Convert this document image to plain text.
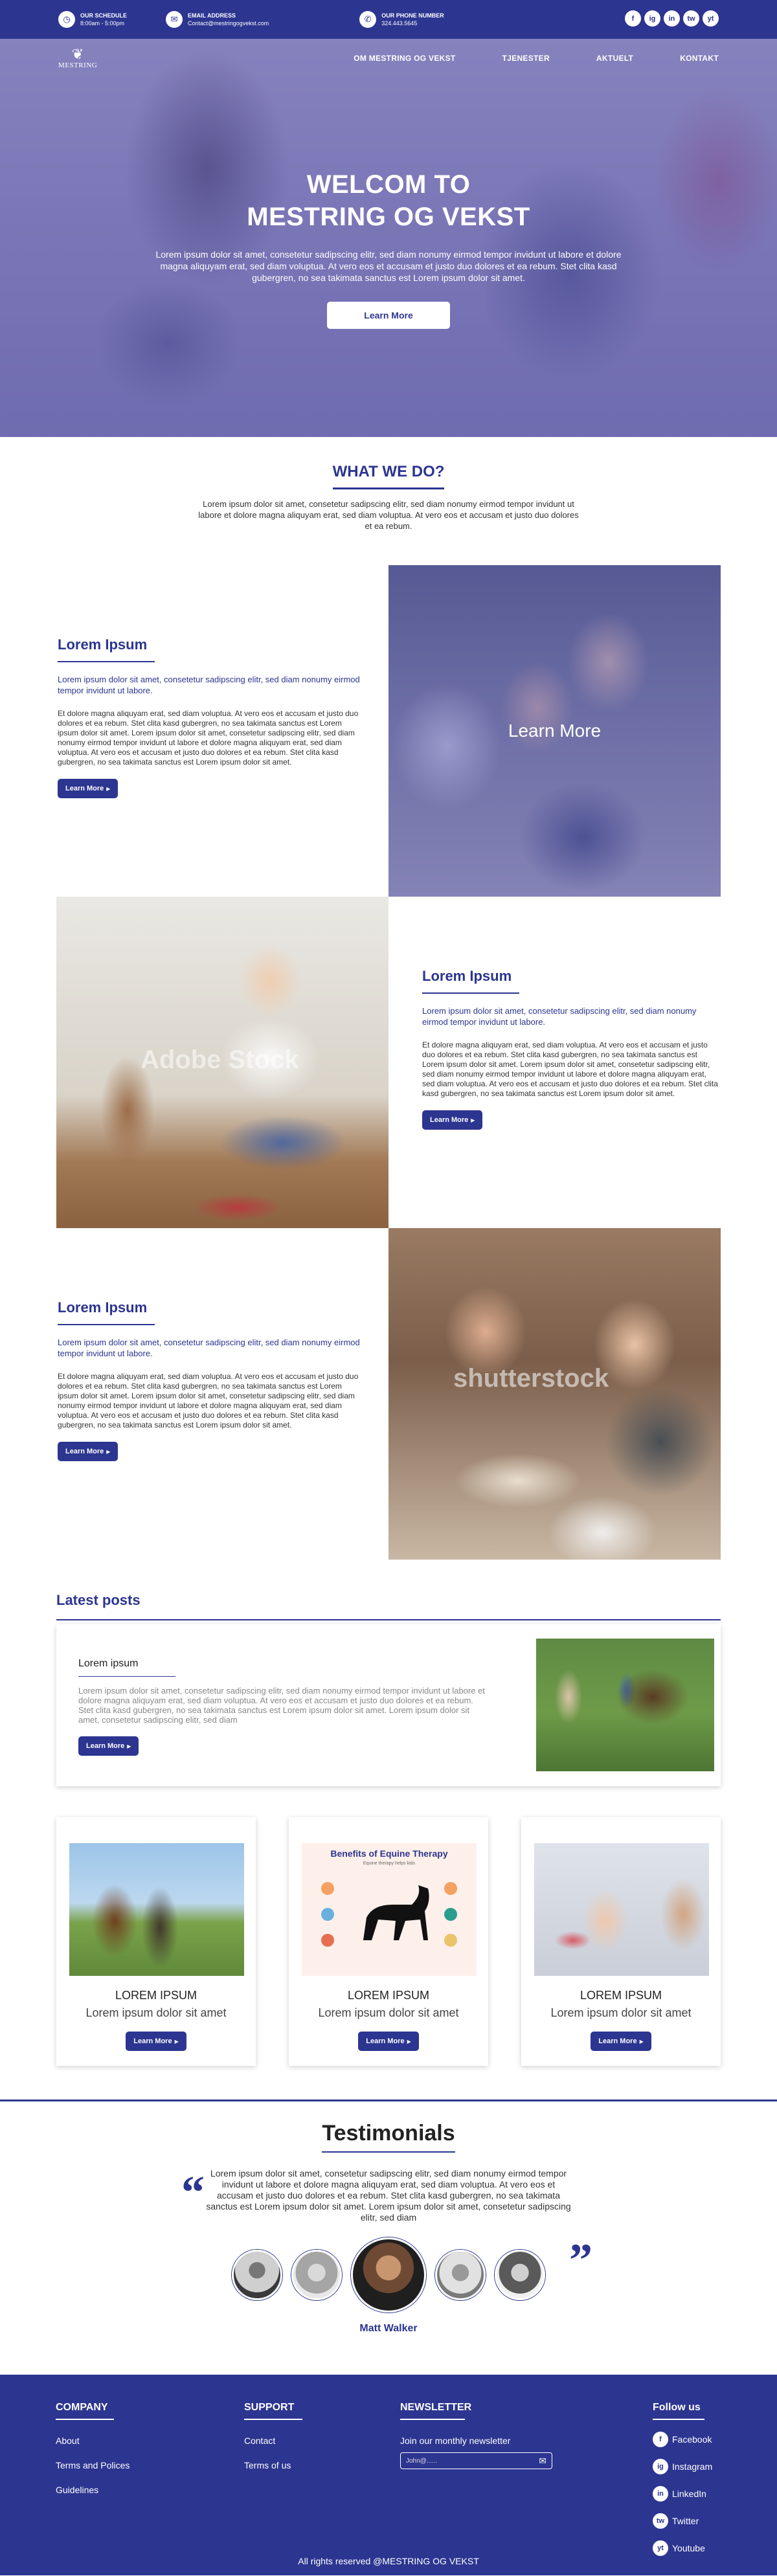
◷	OUR SCHEDULE
8:00am - 5:00pm	✉	EMAIL ADDRESS
Contact@mestringogvekst.com	✆	OUR PHONE NUMBER
324.443.5645
f	ig	in	tw	yt
❦
MESTRING
OM MESTRING OG VEKST	TJENESTER	AKTUELT	KONTAKT
WELCOM TO
MESTRING OG VEKST
Lorem ipsum dolor sit amet, consetetur sadipscing elitr, sed diam nonumy eirmod tempor invidunt ut labore et dolore magna aliquyam erat, sed diam voluptua. At vero eos et accusam et justo duo dolores et ea rebum. Stet clita kasd gubergren, no sea takimata sanctus est Lorem ipsum dolor sit amet.
Learn More
WHAT WE DO?

Lorem ipsum dolor sit amet, consetetur sadipscing elitr, sed diam nonumy eirmod tempor invidunt ut labore et dolore magna aliquyam erat, sed diam voluptua. At vero eos et accusam et justo duo dolores et ea rebum.

Lorem Ipsum
Lorem ipsum dolor sit amet, consetetur sadipscing elitr, sed diam nonumy eirmod tempor invidunt ut labore.
Et dolore magna aliquyam erat, sed diam voluptua. At vero eos et accusam et justo duo dolores et ea rebum. Stet clita kasd gubergren, no sea takimata sanctus est Lorem ipsum dolor sit amet. Lorem ipsum dolor sit amet, consetetur sadipscing elitr, sed diam nonumy eirmod tempor invidunt ut labore et dolore magna aliquyam erat, sed diam voluptua. At vero eos et accusam et justo duo dolores et ea rebum. Stet clita kasd gubergren, no sea takimata sanctus est Lorem ipsum dolor sit amet.
Learn More ▶
Learn More
Adobe Stock
Lorem Ipsum
Lorem ipsum dolor sit amet, consetetur sadipscing elitr, sed diam nonumy eirmod tempor invidunt ut labore.
Et dolore magna aliquyam erat, sed diam voluptua. At vero eos et accusam et justo duo dolores et ea rebum. Stet clita kasd gubergren, no sea takimata sanctus est Lorem ipsum dolor sit amet. Lorem ipsum dolor sit amet, consetetur sadipscing elitr, sed diam nonumy eirmod tempor invidunt ut labore et dolore magna aliquyam erat, sed diam voluptua. At vero eos et accusam et justo duo dolores et ea rebum. Stet clita kasd gubergren, no sea takimata sanctus est Lorem ipsum dolor sit amet.
Learn More ▶
Lorem Ipsum
Lorem ipsum dolor sit amet, consetetur sadipscing elitr, sed diam nonumy eirmod tempor invidunt ut labore.
Et dolore magna aliquyam erat, sed diam voluptua. At vero eos et accusam et justo duo dolores et ea rebum. Stet clita kasd gubergren, no sea takimata sanctus est Lorem ipsum dolor sit amet. Lorem ipsum dolor sit amet, consetetur sadipscing elitr, sed diam nonumy eirmod tempor invidunt ut labore et dolore magna aliquyam erat, sed diam voluptua. At vero eos et accusam et justo duo dolores et ea rebum. Stet clita kasd gubergren, no sea takimata sanctus est Lorem ipsum dolor sit amet.
Learn More ▶
shutterstock
Latest posts
Lorem ipsum
Lorem ipsum dolor sit amet, consetetur sadipscing elitr, sed diam nonumy eirmod tempor invidunt ut labore et dolore magna aliquyam erat, sed diam voluptua. At vero eos et accusam et justo duo dolores et ea rebum. Stet clita kasd gubergren, no sea takimata sanctus est Lorem ipsum dolor sit amet. Lorem ipsum dolor sit amet, consetetur sadipscing elitr, sed diam
Learn More ▶
LOREM IPSUM
Lorem ipsum dolor sit amet
Learn More ▶
Benefits of Equine Therapy
Equine therapy helps kids
LOREM IPSUM
Lorem ipsum dolor sit amet
Learn More ▶
LOREM IPSUM
Lorem ipsum dolor sit amet
Learn More ▶
Testimonials
“ Lorem ipsum dolor sit amet, consetetur sadipscing elitr, sed diam nonumy eirmod tempor invidunt ut labore et dolore magna aliquyam erat, sed diam voluptua. At vero eos et accusam et justo duo dolores et ea rebum. Stet clita kasd gubergren, no sea takimata sanctus est Lorem ipsum dolor sit amet. Lorem ipsum dolor sit amet, consetetur sadipscing elitr, sed diam
”
Matt Walker
COMPANY
About
Terms and Polices
Guidelines
SUPPORT
Contact
Terms of us
NEWSLETTER
Join our monthly newsletter
John@......	✉
Follow us
f	Facebook
ig Instagram
in LinkedIn
tw Twitter
yt Youtube
All rights reserved @MESTRING OG VEKST
